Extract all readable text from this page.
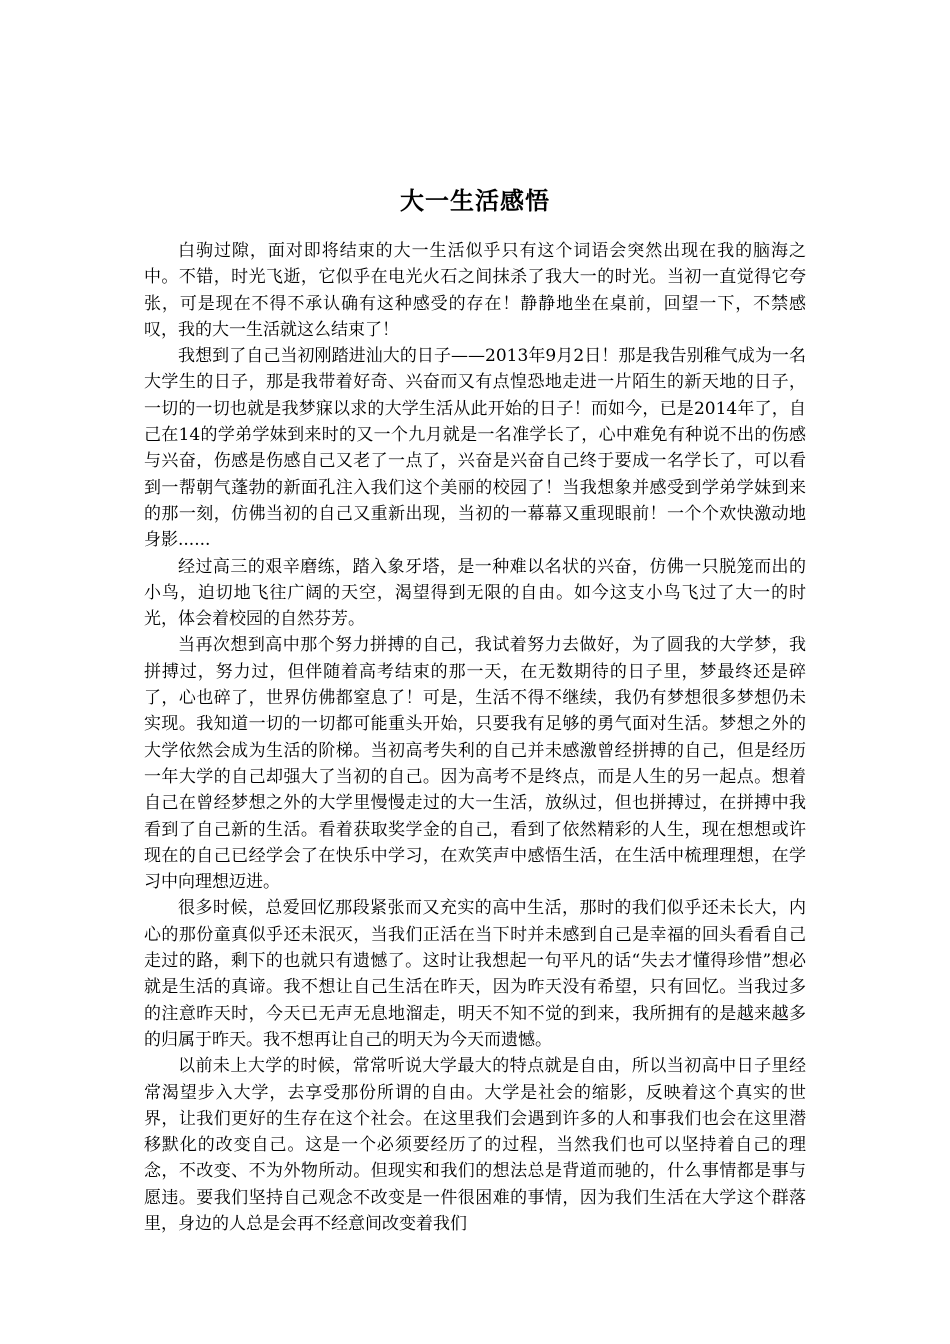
大一生活感悟

白驹过隙，面对即将结束的大一生活似乎只有这个词语会突然出现在我的脑海之中。不错，时光飞逝，它似乎在电光火石之间抹杀了我大一的时光。当初一直觉得它夸张，可是现在不得不承认确有这种感受的存在！静静地坐在桌前，回望一下，不禁感叹，我的大一生活就这么结束了！

我想到了自己当初刚踏进汕大的日子——2013年9月2日！那是我告别稚气成为一名大学生的日子，那是我带着好奇、兴奋而又有点惶恐地走进一片陌生的新天地的日子，一切的一切也就是我梦寐以求的大学生活从此开始的日子！而如今，已是2014年了，自己在14的学弟学妹到来时的又一个九月就是一名准学长了，心中难免有种说不出的伤感与兴奋，伤感是伤感自己又老了一点了，兴奋是兴奋自己终于要成一名学长了，可以看到一帮朝气蓬勃的新面孔注入我们这个美丽的校园了！当我想象并感受到学弟学妹到来的那一刻，仿佛当初的自己又重新出现，当初的一幕幕又重现眼前！一个个欢快激动地身影......

经过高三的艰辛磨练，踏入象牙塔，是一种难以名状的兴奋，仿佛一只脱笼而出的小鸟，迫切地飞往广阔的天空，渴望得到无限的自由。如今这支小鸟飞过了大一的时光，体会着校园的自然芬芳。

当再次想到高中那个努力拼搏的自己，我试着努力去做好，为了圆我的大学梦，我拼搏过，努力过，但伴随着高考结束的那一天，在无数期待的日子里，梦最终还是碎了，心也碎了，世界仿佛都窒息了！可是，生活不得不继续，我仍有梦想很多梦想仍未实现。我知道一切的一切都可能重头开始，只要我有足够的勇气面对生活。梦想之外的大学依然会成为生活的阶梯。当初高考失利的自己并未感激曾经拼搏的自己，但是经历一年大学的自己却强大了当初的自己。因为高考不是终点，而是人生的另一起点。想着自己在曾经梦想之外的大学里慢慢走过的大一生活，放纵过，但也拼搏过，在拼搏中我看到了自己新的生活。看着获取奖学金的自己，看到了依然精彩的人生，现在想想或许现在的自己已经学会了在快乐中学习，在欢笑声中感悟生活，在生活中梳理理想，在学习中向理想迈进。

很多时候，总爱回忆那段紧张而又充实的高中生活，那时的我们似乎还未长大，内心的那份童真似乎还未泯灭，当我们正活在当下时并未感到自己是幸福的回头看看自己走过的路，剩下的也就只有遗憾了。这时让我想起一句平凡的话“失去才懂得珍惜”想必就是生活的真谛。我不想让自己生活在昨天，因为昨天没有希望，只有回忆。当我过多的注意昨天时，今天已无声无息地溜走，明天不知不觉的到来，我所拥有的是越来越多的归属于昨天。我不想再让自己的明天为今天而遗憾。

以前未上大学的时候，常常听说大学最大的特点就是自由，所以当初高中日子里经常渴望步入大学，去享受那份所谓的自由。大学是社会的缩影，反映着这个真实的世界，让我们更好的生存在这个社会。在这里我们会遇到许多的人和事我们也会在这里潜移默化的改变自己。这是一个必须要经历了的过程，当然我们也可以坚持着自己的理念，不改变、不为外物所动。但现实和我们的想法总是背道而驰的，什么事情都是事与愿违。要我们坚持自己观念不改变是一件很困难的事情，因为我们生活在大学这个群落里，身边的人总是会再不经意间改变着我们
